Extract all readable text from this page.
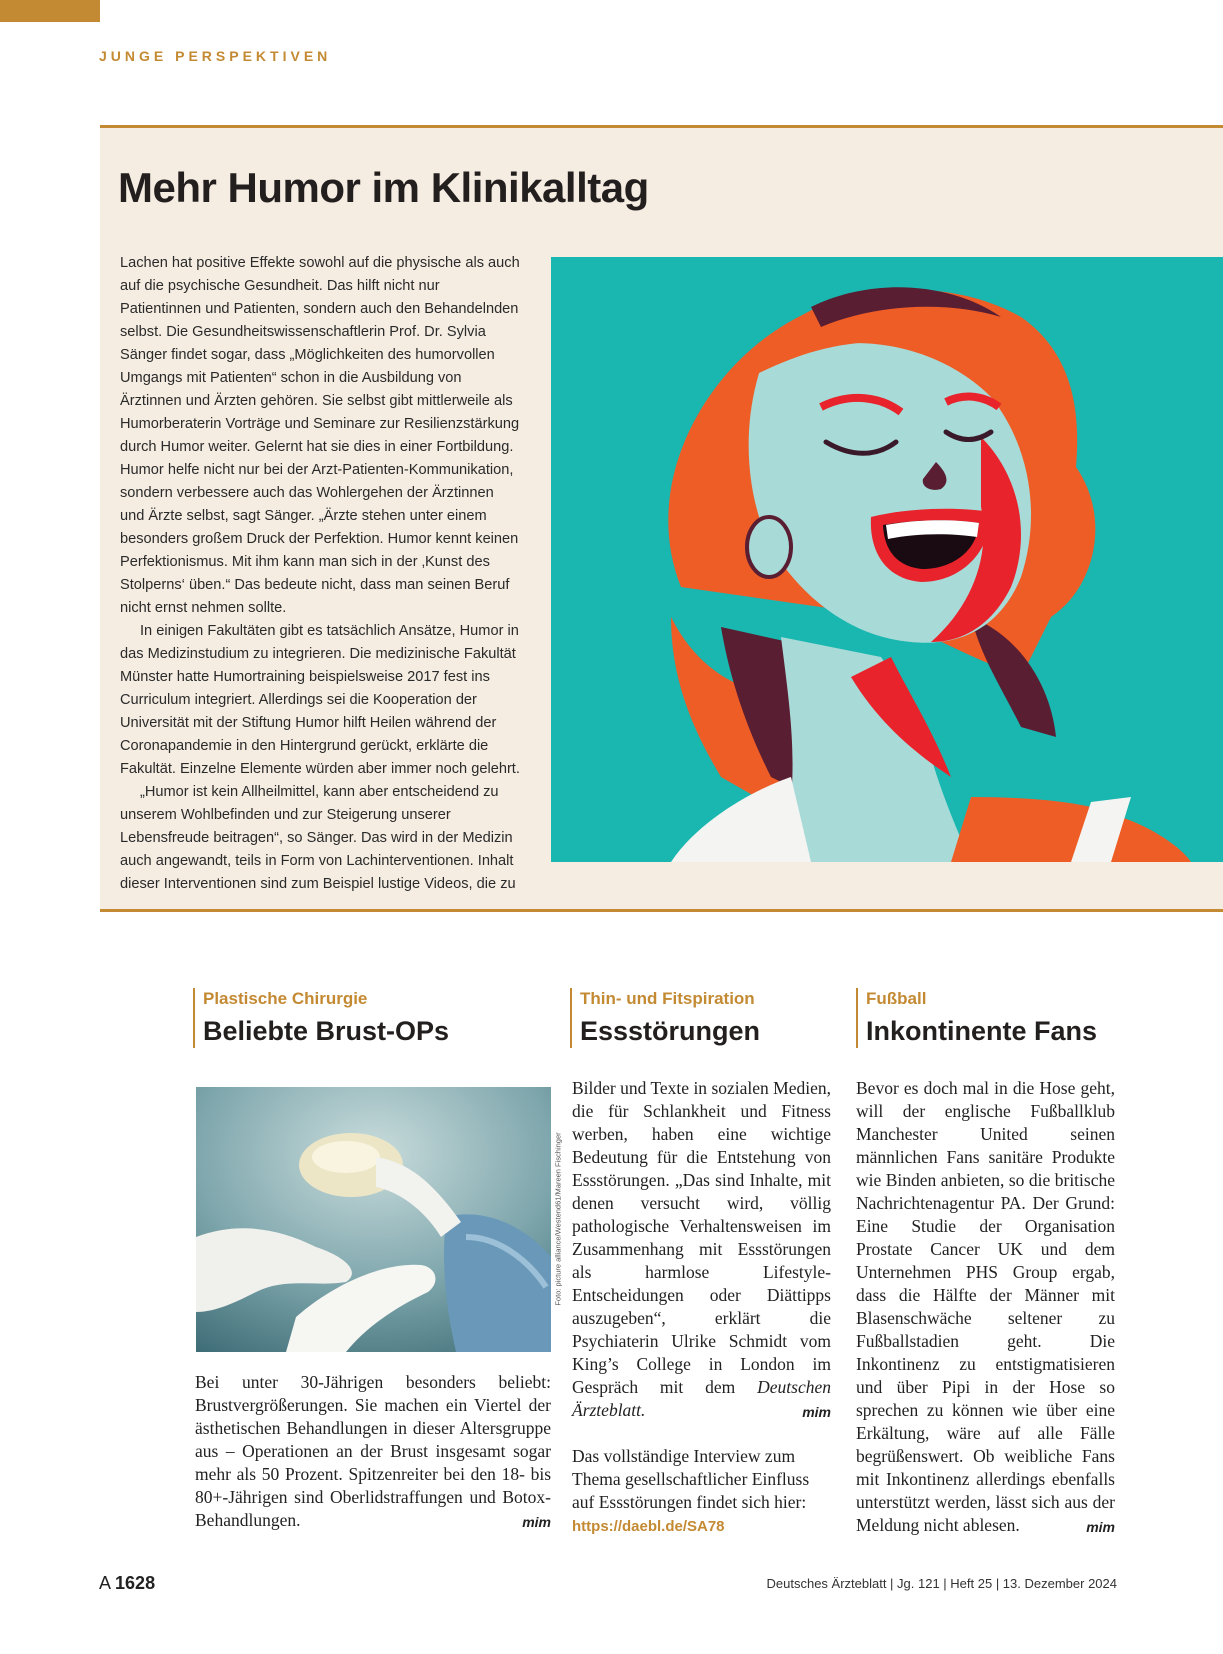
JUNGE PERSPEKTIVEN
Mehr Humor im Klinikalltag

Lachen hat positive Effekte sowohl auf die physische als auch auf die psychische Gesundheit. Das hilft nicht nur Patientinnen und Patienten, sondern auch den Behandelnden selbst. Die Gesundheitswissenschaftlerin Prof. Dr. Sylvia Sänger findet sogar, dass „Möglichkeiten des humorvollen Umgangs mit Patienten“ schon in die Ausbildung von Ärztinnen und Ärzten gehören. Sie selbst gibt mittlerweile als Humorberaterin Vorträge und Seminare zur Resilienzstärkung durch Humor weiter. Gelernt hat sie dies in einer Fortbildung. Humor helfe nicht nur bei der Arzt-Patienten-Kommunikation, sondern verbessere auch das Wohlergehen der Ärztinnen und Ärzte selbst, sagt Sänger. „Ärzte stehen unter einem besonders großem Druck der Perfektion. Humor kennt keinen Perfektionismus. Mit ihm kann man sich in der ‚Kunst des Stolperns‘ üben.“ Das bedeute nicht, dass man seinen Beruf nicht ernst nehmen sollte.

In einigen Fakultäten gibt es tatsächlich Ansätze, Humor in das Medizinstudium zu integrieren. Die medizinische Fakultät Münster hatte Humortraining beispielsweise 2017 fest ins Curriculum integriert. Allerdings sei die Kooperation der Universität mit der Stiftung Humor hilft Heilen während der Coronapandemie in den Hintergrund gerückt, erklärte die Fakultät. Einzelne Elemente würden aber immer noch gelehrt.

„Humor ist kein Allheilmittel, kann aber entscheidend zu unserem Wohlbefinden und zur Steigerung unserer Lebensfreude beitragen“, so Sänger. Das wird in der Medizin auch angewandt, teils in Form von Lachinterventionen. Inhalt dieser Interventionen sind zum Beispiel lustige Videos, die zu

Plastische Chirurgie
Beliebte Brust-OPs
Foto: picture alliance/Westend61/Mareen Fischinger

Bei unter 30-Jährigen besonders beliebt: Brustvergrößerungen. Sie machen ein Viertel der ästhetischen Behandlungen in dieser Altersgruppe aus – Operationen an der Brust insgesamt sogar mehr als 50 Prozent. Spitzenreiter bei den 18- bis 80+-Jährigen sind Oberlidstraffungen und Botox-Behandlungen.	mim

Thin- und Fitspiration
Essstörungen

Bilder und Texte in sozialen Medien, die für Schlankheit und Fitness werben, haben eine wichtige Bedeutung für die Entstehung von Essstörungen. „Das sind Inhalte, mit denen versucht wird, völlig pathologische Verhaltensweisen im Zusammenhang mit Essstörungen als harmlose Lifestyle-Entscheidungen oder Diättipps auszugeben“, erklärt die Psychiaterin Ulrike Schmidt vom King’s College in London im Gespräch mit dem Deutschen Ärzteblatt.	mim

Das vollständige Interview zum Thema gesellschaftlicher Einfluss auf Essstörungen findet sich hier:
https://daebl.de/SA78

Fußball
Inkontinente Fans

Bevor es doch mal in die Hose geht, will der englische Fußballklub Manchester United seinen männlichen Fans sanitäre Produkte wie Binden anbieten, so die britische Nachrichtenagentur PA. Der Grund: Eine Studie der Organisation Prostate Cancer UK und dem Unternehmen PHS Group ergab, dass die Hälfte der Männer mit Blasenschwäche seltener zu Fußballstadien geht. Die Inkontinenz zu entstigmatisieren und über Pipi in der Hose so sprechen zu können wie über eine Erkältung, wäre auf alle Fälle begrüßenswert. Ob weibliche Fans mit Inkontinenz allerdings ebenfalls unterstützt werden, lässt sich aus der Meldung nicht ablesen.	mim

A 1628	Deutsches Ärzteblatt | Jg. 121 | Heft 25 | 13. Dezember 2024
